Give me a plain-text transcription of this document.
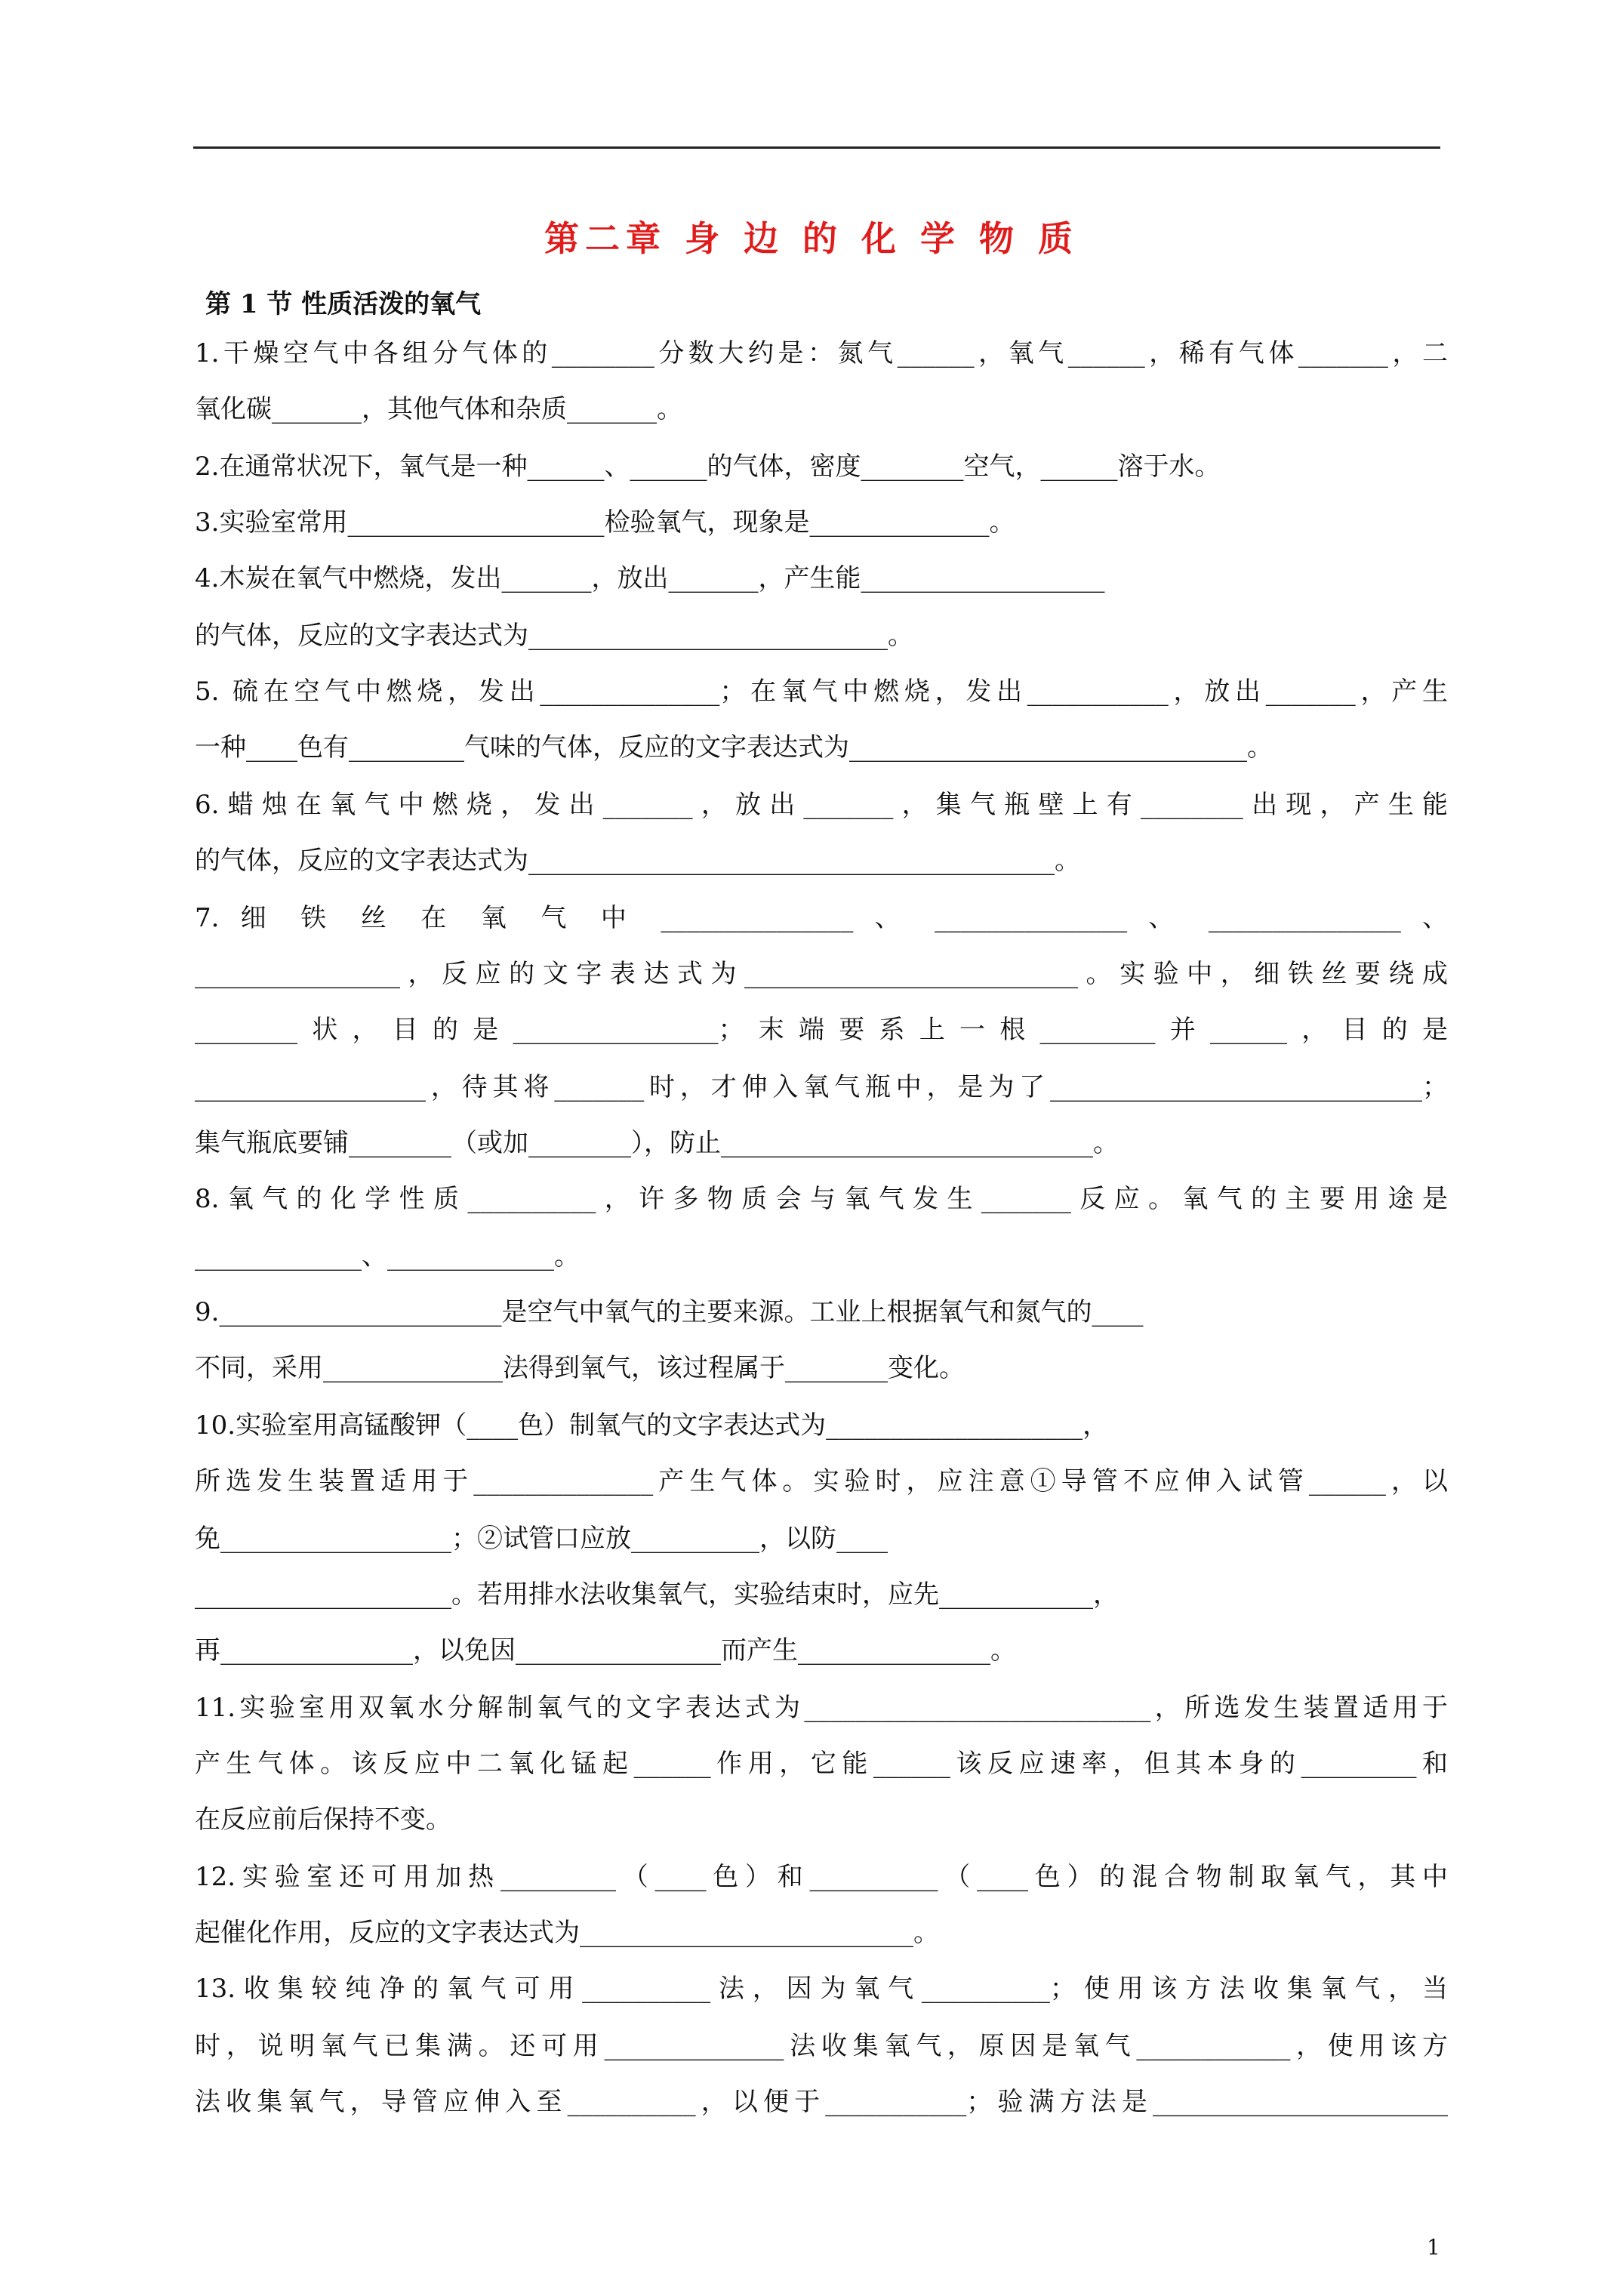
第二章 身 边 的 化 学 物 质
第 1 节 性质活泼的氧气
1.干燥空气中各组分气体的________分数大约是：氮气______，氧气______，稀有气体_______，二
氧化碳_______，其他气体和杂质_______。
2.在通常状况下，氧气是一种______、______的气体，密度________空气，______溶于水。
3.实验室常用____________________检验氧气，现象是______________。
4.木炭在氧气中燃烧，发出_______，放出_______，产生能___________________
的气体，反应的文字表达式为____________________________。
5. 硫在空气中燃烧，发出______________；在氧气中燃烧，发出___________，放出_______，产生
一种____色有_________气味的气体，反应的文字表达式为_______________________________。
6.蜡烛在氧气中燃烧，发出_______，放出_______，集气瓶壁上有________出现，产生能
的气体，反应的文字表达式为_________________________________________。
7. 细 铁 丝 在 氧 气 中 _______________ 、 _______________ 、 _______________ 、
________________，反应的文字表达式为__________________________。实验中，细铁丝要绕成
________状，目的是________________；末端要系上一根_________并______，目的是
__________________，待其将_______时，才伸入氧气瓶中，是为了_____________________________；
集气瓶底要铺________（或加________），防止_____________________________。
8.氧气的化学性质__________，许多物质会与氧气发生_______反应。氧气的主要用途是
_____________、_____________。
9.______________________是空气中氧气的主要来源。工业上根据氧气和氮气的____
不同，采用______________法得到氧气，该过程属于________变化。
10.实验室用高锰酸钾（____色）制氧气的文字表达式为____________________，
所选发生装置适用于______________产生气体。实验时，应注意①导管不应伸入试管______，以
免__________________；②试管口应放__________，以防____
____________________。若用排水法收集氧气，实验结束时，应先____________，
再_______________，以免因________________而产生_______________。
11.实验室用双氧水分解制氧气的文字表达式为___________________________，所选发生装置适用于
产生气体。该反应中二氧化锰起______作用，它能______该反应速率，但其本身的_________和
在反应前后保持不变。
12.实验室还可用加热_________（____色）和__________（____色）的混合物制取氧气，其中
起催化作用，反应的文字表达式为__________________________。
13.收集较纯净的氧气可用__________法，因为氧气__________；使用该方法收集氧气，当
时，说明氧气已集满。还可用______________法收集氧气，原因是氧气____________，使用该方
法收集氧气，导管应伸入至__________，以便于___________；验满方法是_______________________
1
